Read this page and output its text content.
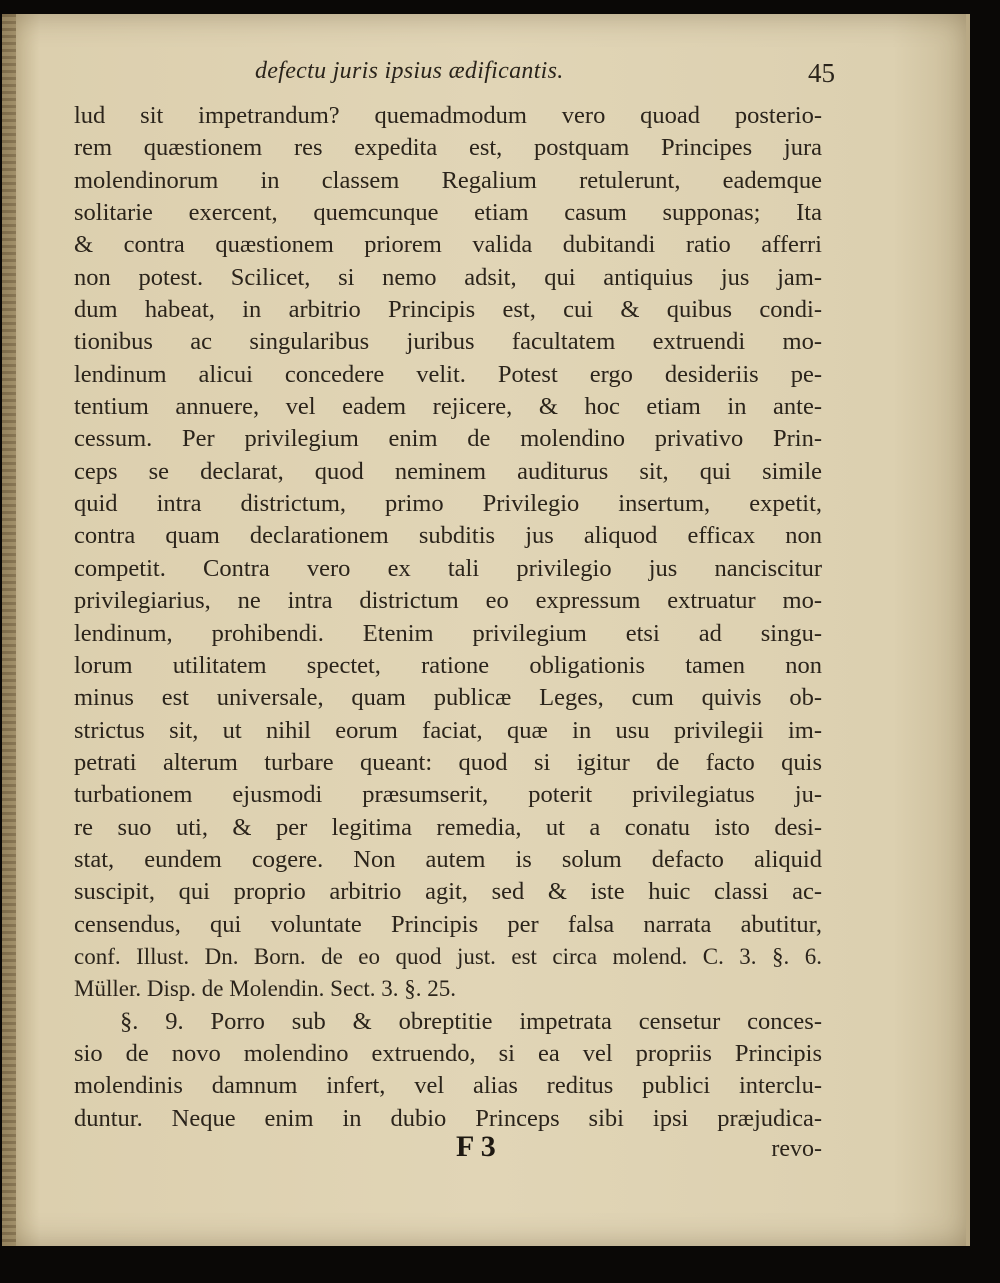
defectu juris ipsius ædificantis.	45
lud sit impetrandum? quemadmodum vero quoad posterio-
rem quæstionem res expedita est, postquam Principes jura
molendinorum in classem Regalium retulerunt, eademque
solitarie exercent, quemcunque etiam casum supponas; Ita
& contra quæstionem priorem valida dubitandi ratio afferri
non potest. Scilicet, si nemo adsit, qui antiquius jus jam-
dum habeat, in arbitrio Principis est, cui & quibus condi-
tionibus ac singularibus juribus facultatem extruendi mo-
lendinum alicui concedere velit. Potest ergo desideriis pe-
tentium annuere, vel eadem rejicere, & hoc etiam in ante-
cessum. Per privilegium enim de molendino privativo Prin-
ceps se declarat, quod neminem auditurus sit, qui simile
quid intra districtum, primo Privilegio insertum, expetit,
contra quam declarationem subditis jus aliquod efficax non
competit. Contra vero ex tali privilegio jus nanciscitur
privilegiarius, ne intra districtum eo expressum extruatur mo-
lendinum, prohibendi. Etenim privilegium etsi ad singu-
lorum utilitatem spectet, ratione obligationis tamen non
minus est universale, quam publicæ Leges, cum quivis ob-
strictus sit, ut nihil eorum faciat, quæ in usu privilegii im-
petrati alterum turbare queant: quod si igitur de facto quis
turbationem ejusmodi præsumserit, poterit privilegiatus ju-
re suo uti, & per legitima remedia, ut a conatu isto desi-
stat, eundem cogere. Non autem is solum defacto aliquid
suscipit, qui proprio arbitrio agit, sed & iste huic classi ac-
censendus, qui voluntate Principis per falsa narrata abutitur,
conf. Illust. Dn. Born. de eo quod just. est circa molend. C. 3. §. 6.
Müller. Disp. de Molendin. Sect. 3. §. 25.
§. 9. Porro sub & obreptitie impetrata censetur conces-
sio de novo molendino extruendo, si ea vel propriis Principis
molendinis damnum infert, vel alias reditus publici interclu-
duntur. Neque enim in dubio Princeps sibi ipsi præjudica-
F 3	revo-
